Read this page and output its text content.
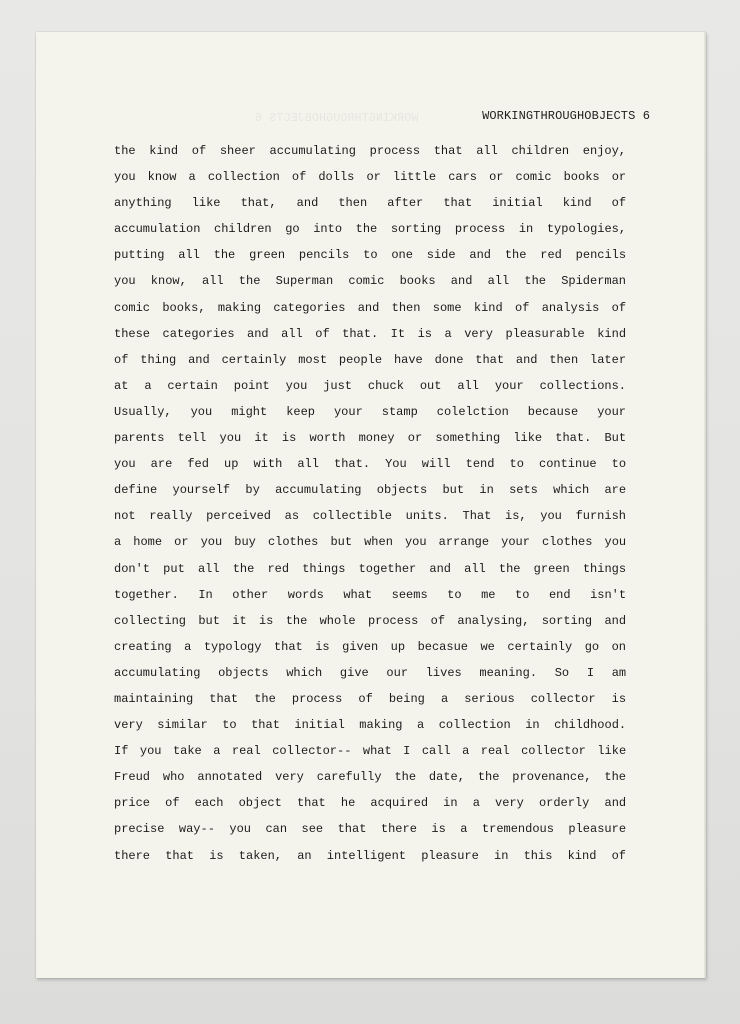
WORKINGTHROUGHOBJECTS 6	WORKINGTHROUGHOBJECTS 6
the kind of sheer accumulating process that all children enjoy,
you know a collection of dolls or little cars or comic books or
anything like that, and then after that initial kind of
accumulation children go into the sorting process in typologies,
putting all the green pencils to one side and the red pencils
you know, all the Superman comic books and all the Spiderman
comic books, making categories and then some kind of analysis of
these categories and all of that. It is a very pleasurable kind
of thing and certainly most people have done that and then later
at a certain point you just chuck out all your collections.
Usually, you might keep your stamp colelction because your
parents tell you it is worth money or something like that. But
you are fed up with all that. You will tend to continue to
define yourself by accumulating objects but in sets which are
not really perceived as collectible units. That is, you furnish
a home or you buy clothes but when you arrange your clothes you
don't put all the red things together and all the green things
together. In other words what seems to me to end isn't
collecting but it is the whole process of analysing, sorting and
creating a typology that is given up becasue we certainly go on
accumulating objects which give our lives meaning. So I am
maintaining that the process of being a serious collector is
very similar to that initial making a collection in childhood.
If you take a real collector-- what I call a real collector like
Freud who annotated very carefully the date, the provenance, the
price of each object that he acquired in a very orderly and
precise way-- you can see that there is a tremendous pleasure
there that is taken, an intelligent pleasure in this kind of
